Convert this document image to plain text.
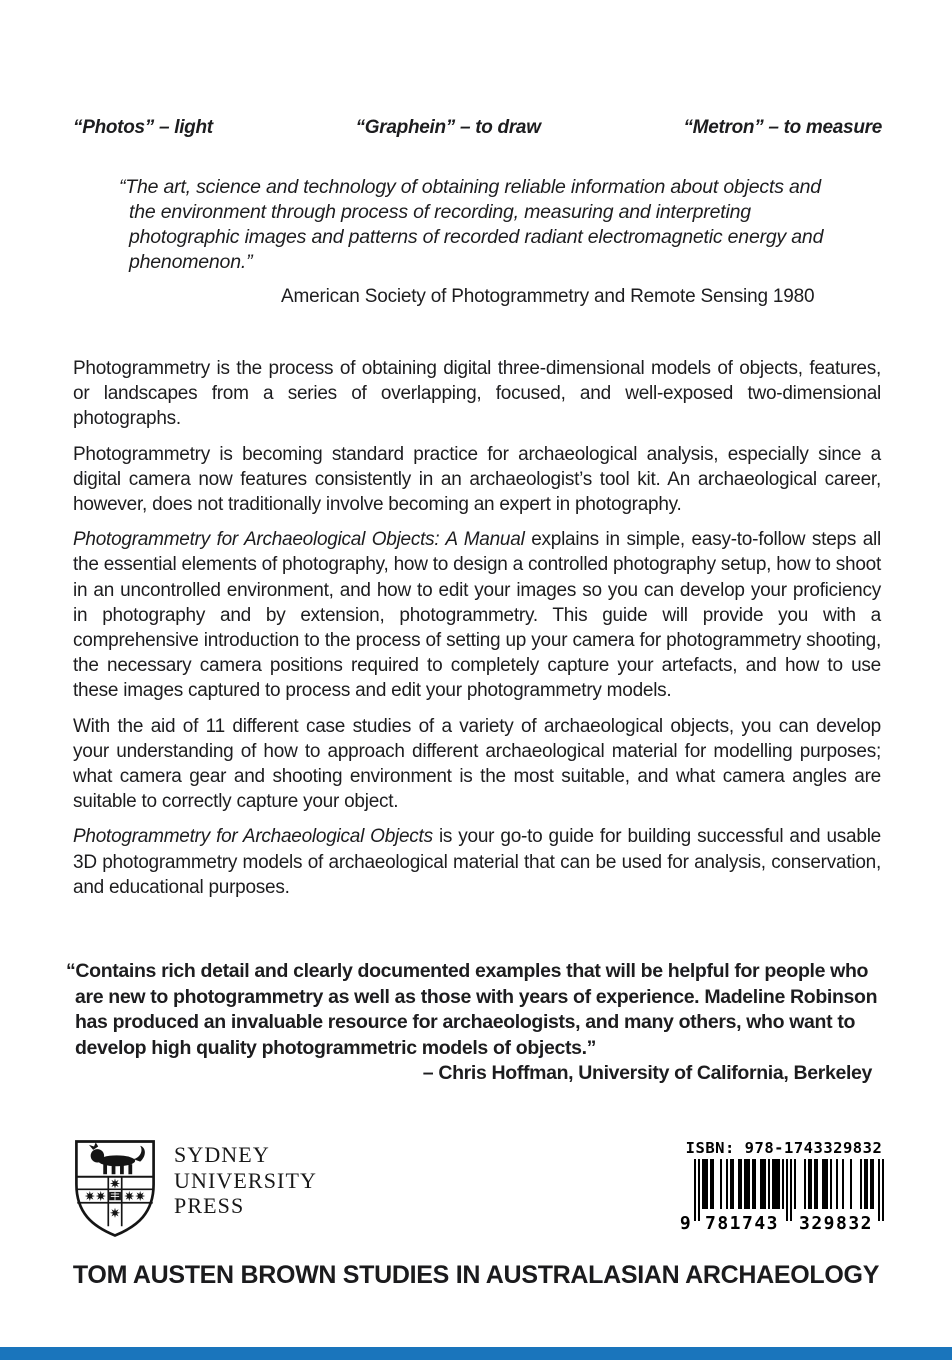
“Photos” – light	“Graphein” – to draw	“Metron” – to measure
“The art, science and technology of obtaining reliable information about objects and the environment through process of recording, measuring and interpreting photographic images and patterns of recorded radiant electromagnetic energy and phenomenon.”
American Society of Photogrammetry and Remote Sensing 1980

Photogrammetry is the process of obtaining digital three-dimensional models of objects, features, or landscapes from a series of overlapping, focused, and well-exposed two-dimensional photographs.

Photogrammetry is becoming standard practice for archaeological analysis, especially since a digital camera now features consistently in an archaeologist’s tool kit. An archaeological career, however, does not traditionally involve becoming an expert in photography.

Photogrammetry for Archaeological Objects: A Manual explains in simple, easy-to-follow steps all the essential elements of photography, how to design a controlled photography setup, how to shoot in an uncontrolled environment, and how to edit your images so you can develop your proficiency in photography and by extension, photogrammetry. This guide will provide you with a comprehensive introduction to the process of setting up your camera for photogrammetry shooting, the necessary camera positions required to completely capture your artefacts, and how to use these images captured to process and edit your photogrammetry models.

With the aid of 11 different case studies of a variety of archaeological objects, you can develop your understanding of how to approach different archaeological material for modelling purposes; what camera gear and shooting environment is the most suitable, and what camera angles are suitable to correctly capture your object.

Photogrammetry for Archaeological Objects is your go-to guide for building successful and usable 3D photogrammetry models of archaeological material that can be used for analysis, conservation, and educational purposes.

“Contains rich detail and clearly documented examples that will be helpful for people who are new to photogrammetry as well as those with years of experience. Madeline Robinson has produced an invaluable resource for archaeologists, and many others, who want to develop high quality photogrammetric models of objects.”
– Chris Hoffman, University of California, Berkeley
SYDNEY
UNIVERSITY
PRESS
ISBN: 978-1743329832
9 781743 329832
TOM AUSTEN BROWN STUDIES IN AUSTRALASIAN ARCHAEOLOGY
